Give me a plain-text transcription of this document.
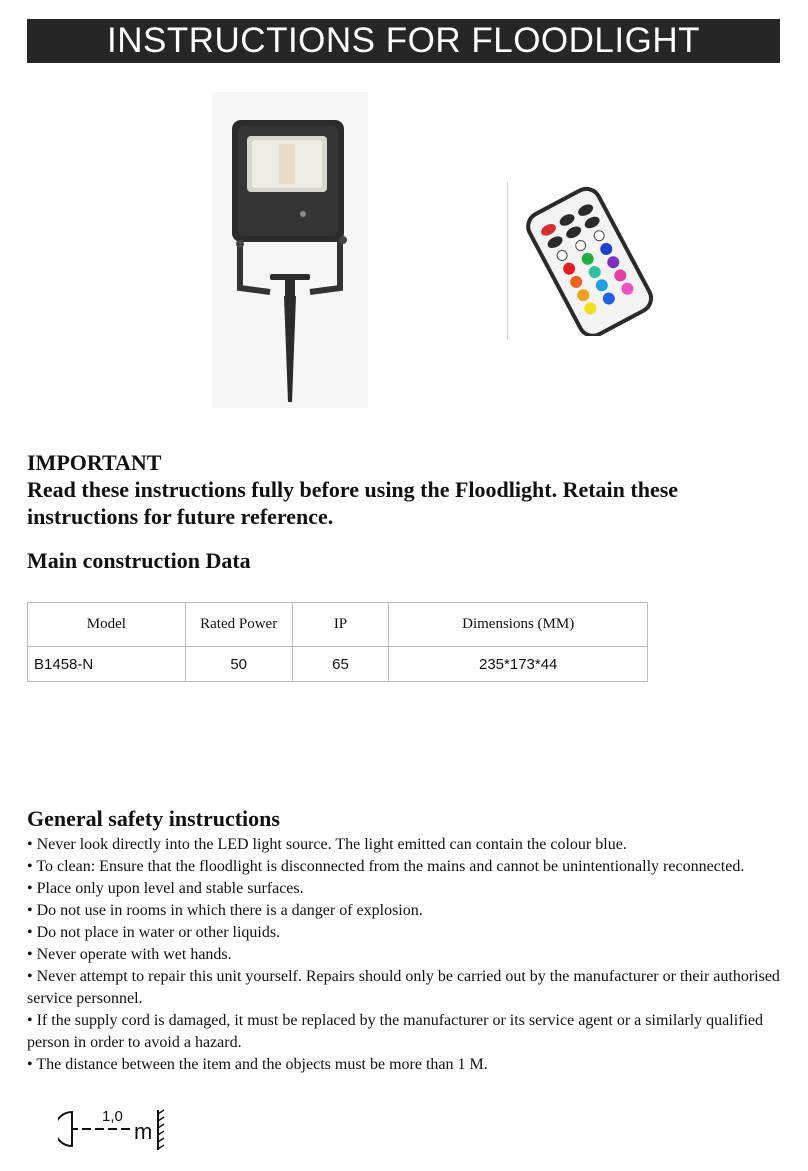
INSTRUCTIONS FOR FLOODLIGHT
IMPORTANT
Read these instructions fully before using the Floodlight. Retain these instructions for future reference.
Main construction Data
Model	Rated Power	IP	Dimensions (MM)
B1458-N	50	65	235*173*44
General safety instructions
• Never look directly into the LED light source. The light emitted can contain the colour blue.
• To clean: Ensure that the floodlight is disconnected from the mains and cannot be unintentionally reconnected.
• Place only upon level and stable surfaces.
• Do not use in rooms in which there is a danger of explosion.
• Do not place in water or other liquids.
• Never operate with wet hands.
• Never attempt to repair this unit yourself. Repairs should only be carried out by the manufacturer or their authorised service personnel.
• If the supply cord is damaged, it must be replaced by the manufacturer or its service agent or a similarly qualified person in order to avoid a hazard.
• The distance between the item and the objects must be more than 1 M.
1,0
m
